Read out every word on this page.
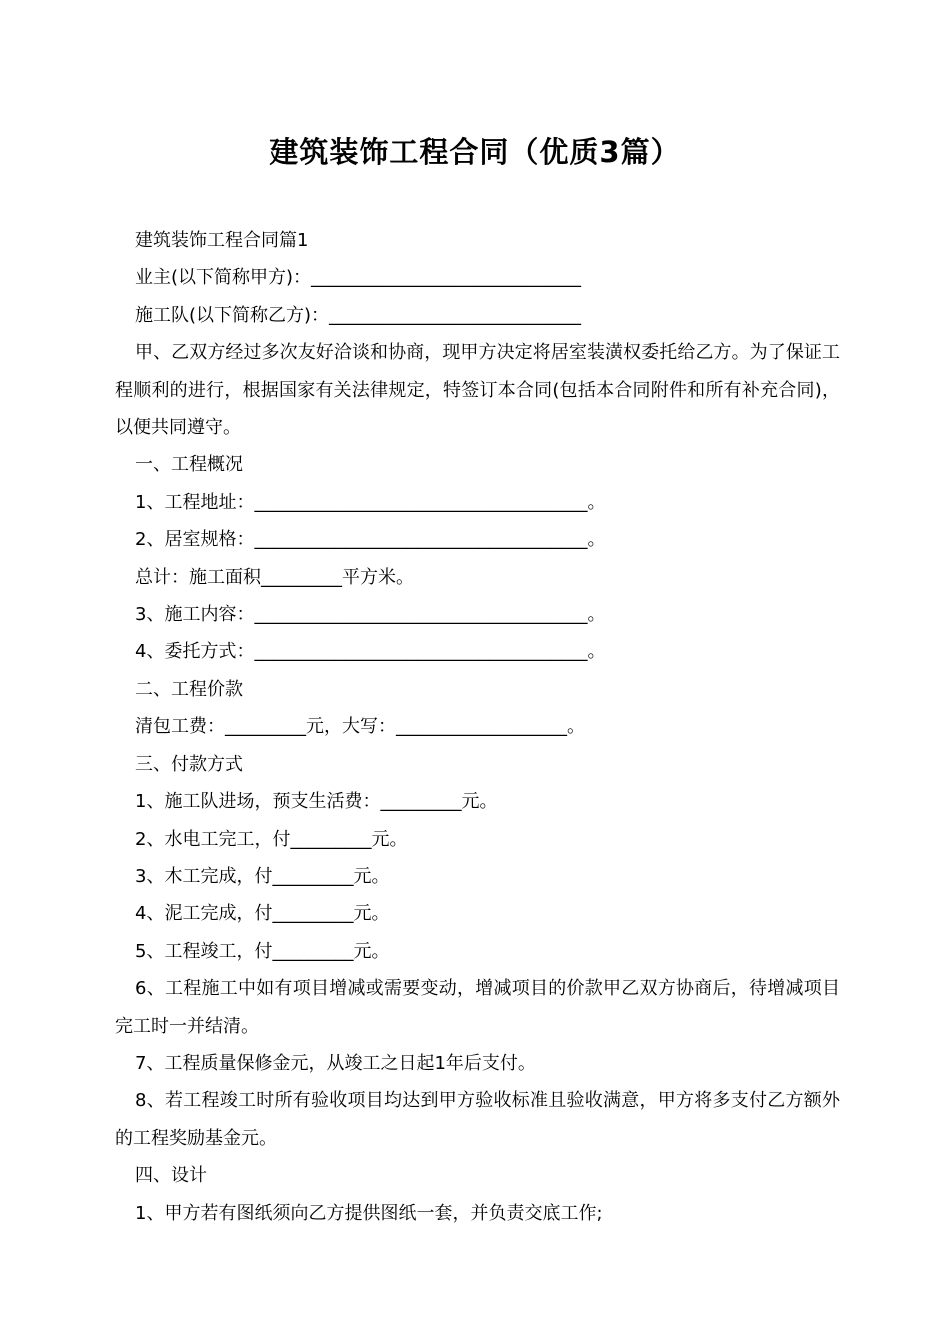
建筑装饰工程合同（优质3篇）

建筑装饰工程合同篇1

业主(以下简称甲方)：______________________________

施工队(以下简称乙方)：____________________________

甲、乙双方经过多次友好洽谈和协商，现甲方决定将居室装潢权委托给乙方。为了保证工程顺利的进行，根据国家有关法律规定，特签订本合同(包括本合同附件和所有补充合同)，以便共同遵守。

一、工程概况

1、工程地址：_____________________________________。

2、居室规格：_____________________________________。

总计：施工面积_________平方米。

3、施工内容：_____________________________________。

4、委托方式：_____________________________________。

二、工程价款

清包工费：_________元，大写：___________________。

三、付款方式

1、施工队进场，预支生活费：_________元。

2、水电工完工，付_________元。

3、木工完成，付_________元。

4、泥工完成，付_________元。

5、工程竣工，付_________元。

6、工程施工中如有项目增减或需要变动，增减项目的价款甲乙双方协商后，待增减项目完工时一并结清。

7、工程质量保修金元，从竣工之日起1年后支付。

8、若工程竣工时所有验收项目均达到甲方验收标准且验收满意，甲方将多支付乙方额外的工程奖励基金元。

四、设计

1、甲方若有图纸须向乙方提供图纸一套，并负责交底工作;
